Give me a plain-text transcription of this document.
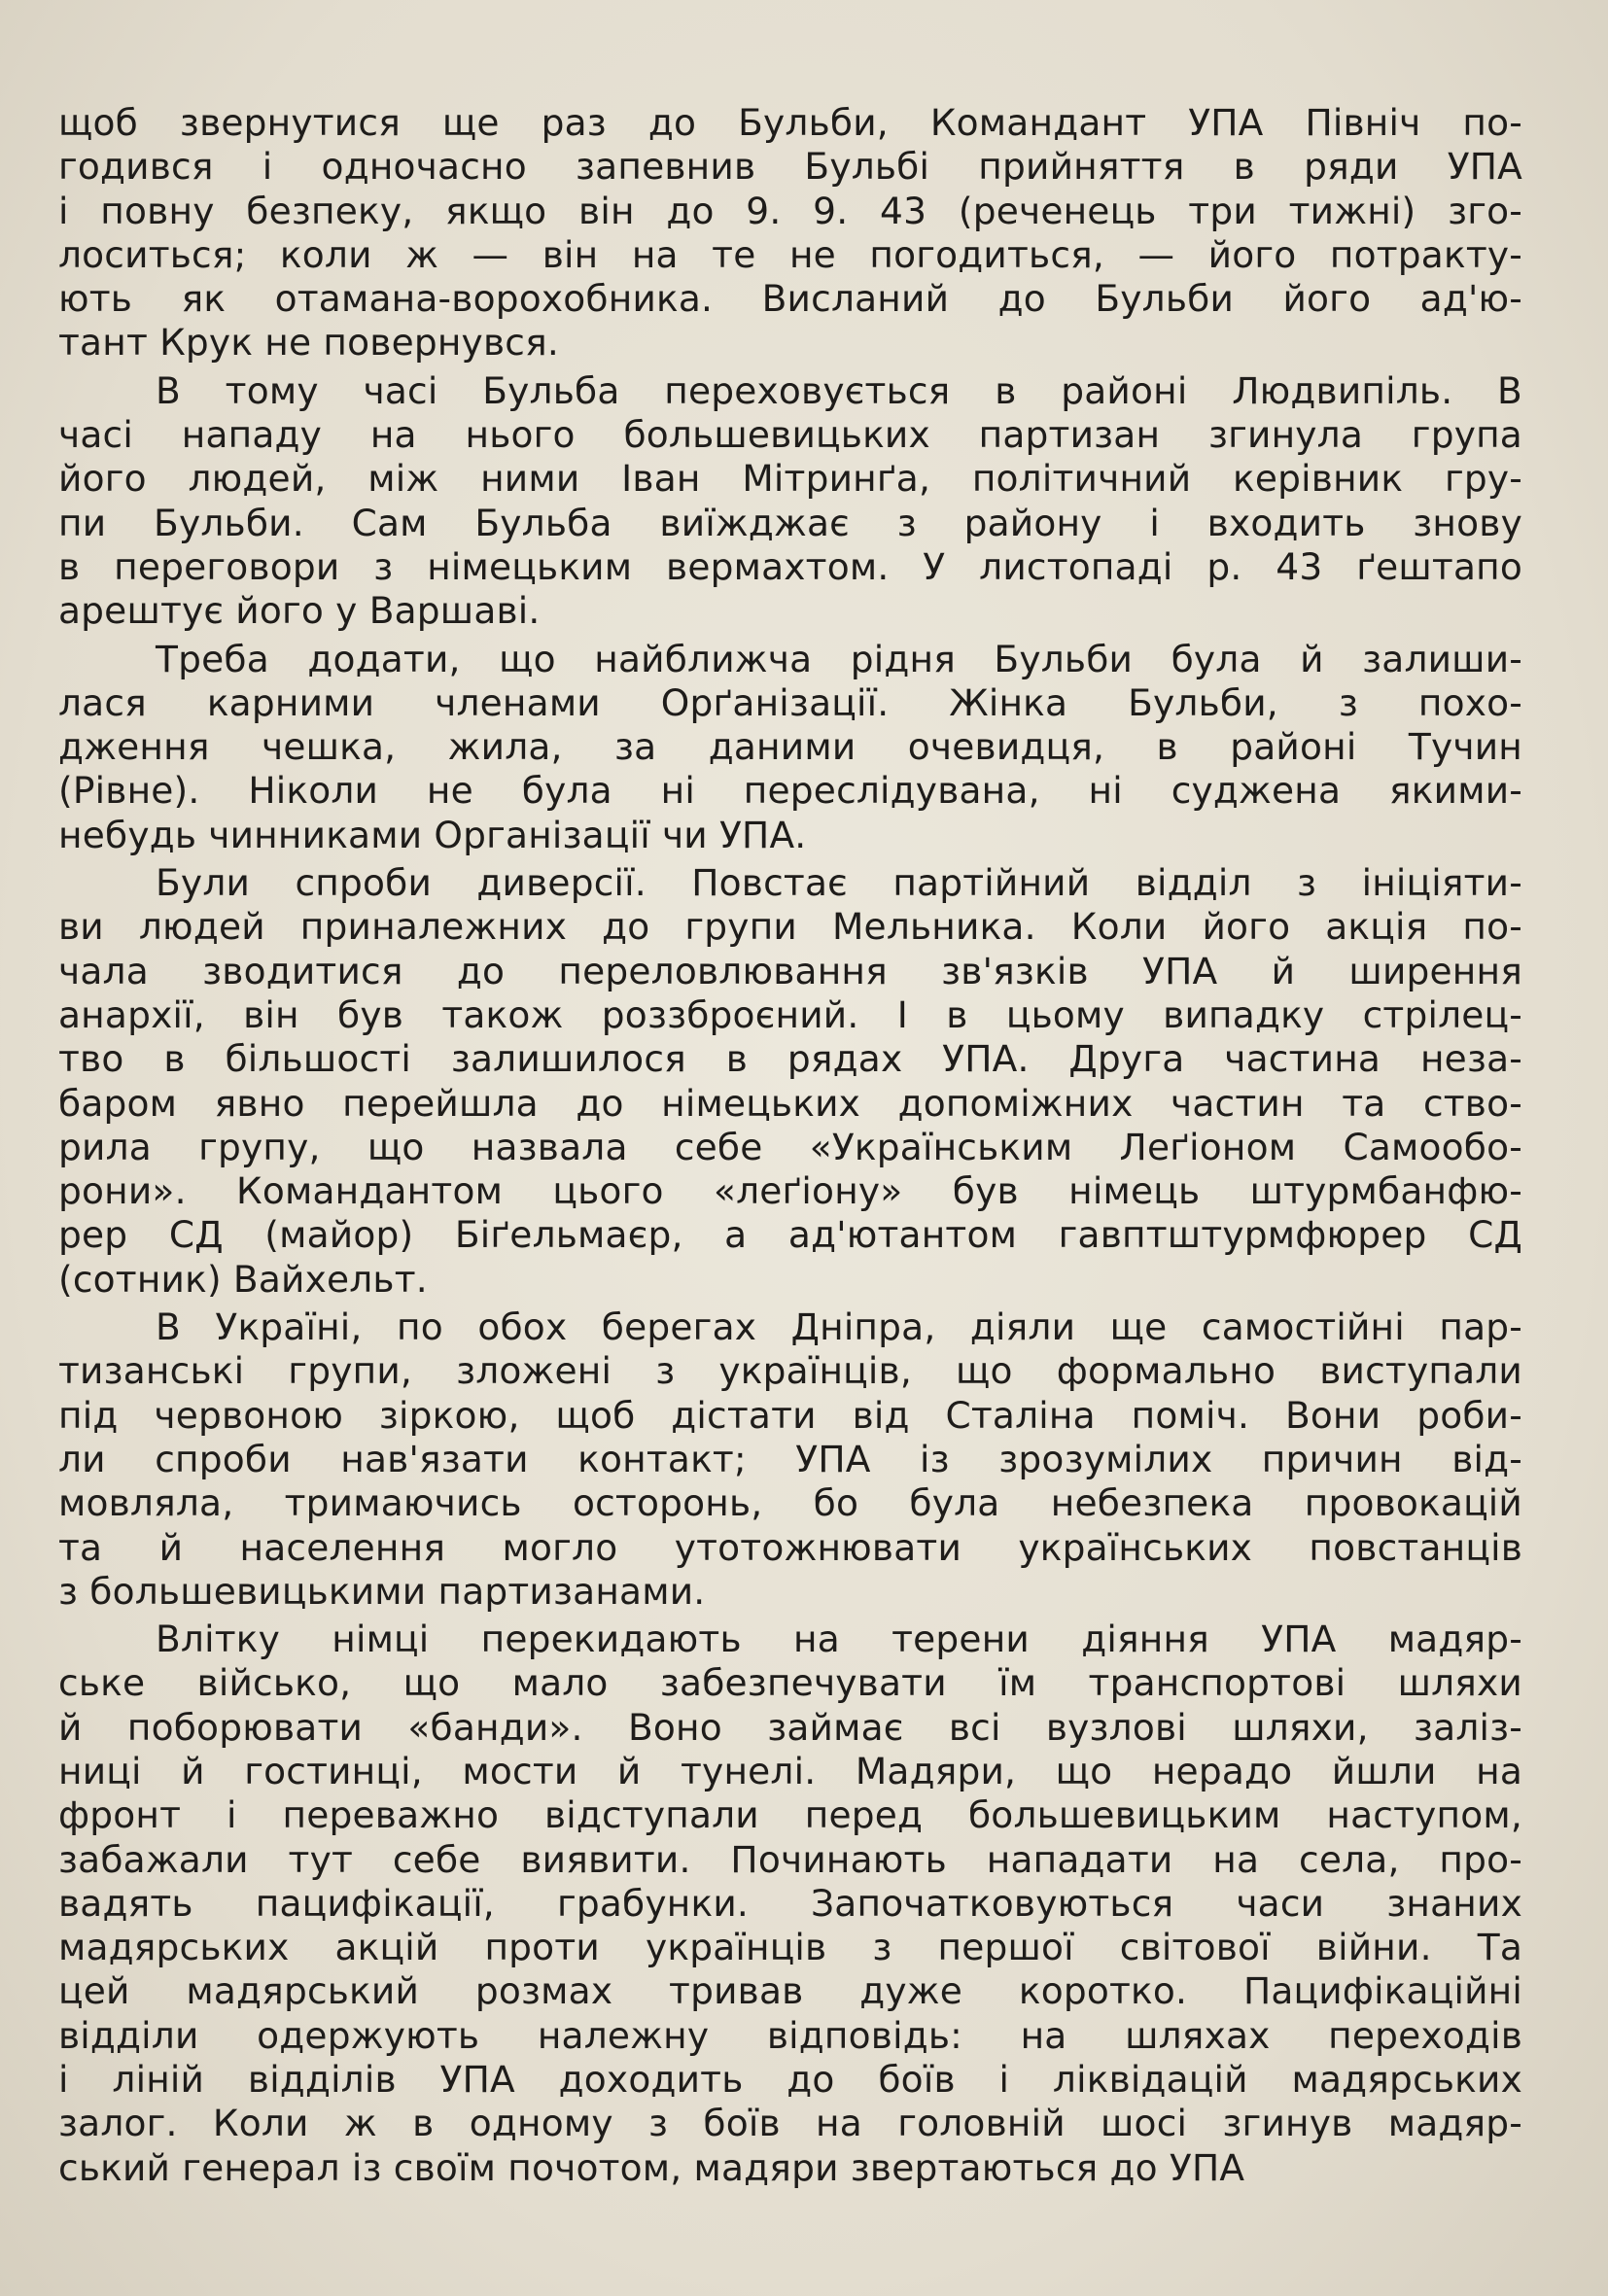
щоб звернутися ще раз до Бульби, Командант УПА Північ по-
годився і одночасно запевнив Бульбі прийняття в ряди УПА
і повну безпеку, якщо він до 9. 9. 43 (реченець три тижні) зго-
лоситься; коли ж — він на те не погодиться, — його потракту-
ють як отамана-ворохобника. Висланий до Бульби його ад'ю-
тант Крук не повернувся.
В тому часі Бульба переховується в районі Людвипіль. В
часі нападу на нього большевицьких партизан згинула група
його людей, між ними Іван Мітринґа, політичний керівник гру-
пи Бульби. Сам Бульба виїжджає з району і входить знову
в переговори з німецьким вермахтом. У листопаді р. 43 ґештапо
арештує його у Варшаві.
Треба додати, що найближча рідня Бульби була й залиши-
лася карними членами Орґанізації. Жінка Бульби, з похо-
дження чешка, жила, за даними очевидця, в районі Тучин
(Рівне). Ніколи не була ні переслідувана, ні суджена якими-
небудь чинниками Організації чи УПА.
Були спроби диверсії. Повстає партійний відділ з ініціяти-
ви людей приналежних до групи Мельника. Коли його акція по-
чала зводитися до переловлювання зв'язків УПА й ширення
анархії, він був також роззброєний. І в цьому випадку стрілец-
тво в більшості залишилося в рядах УПА. Друга частина неза-
баром явно перейшла до німецьких допоміжних частин та ство-
рила групу, що назвала себе «Українським Леґіоном Самообо-
рони». Командантом цього «леґіону» був німець штурмбанфю-
рер СД (майор) Біґельмаєр, а ад'ютантом гавптштурмфюрер СД
(сотник) Вайхельт.
В Україні, по обох берегах Дніпра, діяли ще самостійні пар-
тизанські групи, зложені з українців, що формально виступали
під червоною зіркою, щоб дістати від Сталіна поміч. Вони роби-
ли спроби нав'язати контакт; УПА із зрозумілих причин від-
мовляла, тримаючись осторонь, бо була небезпека провокацій
та й населення могло утотожнювати українських повстанців
з большевицькими партизанами.
Влітку німці перекидають на терени діяння УПА мадяр-
ське військо, що мало забезпечувати їм транспортові шляхи
й поборювати «банди». Воно займає всі вузлові шляхи, заліз-
ниці й гостинці, мости й тунелі. Мадяри, що нерадо йшли на
фронт і переважно відступали перед большевицьким наступом,
забажали тут себе виявити. Починають нападати на села, про-
вадять пацифікації, грабунки. Започатковуються часи знаних
мадярських акцій проти українців з першої світової війни. Та
цей мадярський розмах тривав дуже коротко. Пацифікаційні
відділи одержують належну відповідь: на шляхах переходів
і ліній відділів УПА доходить до боїв і ліквідацій мадярських
залог. Коли ж в одному з боїв на головній шосі згинув мадяр-
ський генерал із своїм почотом, мадяри звертаються до УПА
